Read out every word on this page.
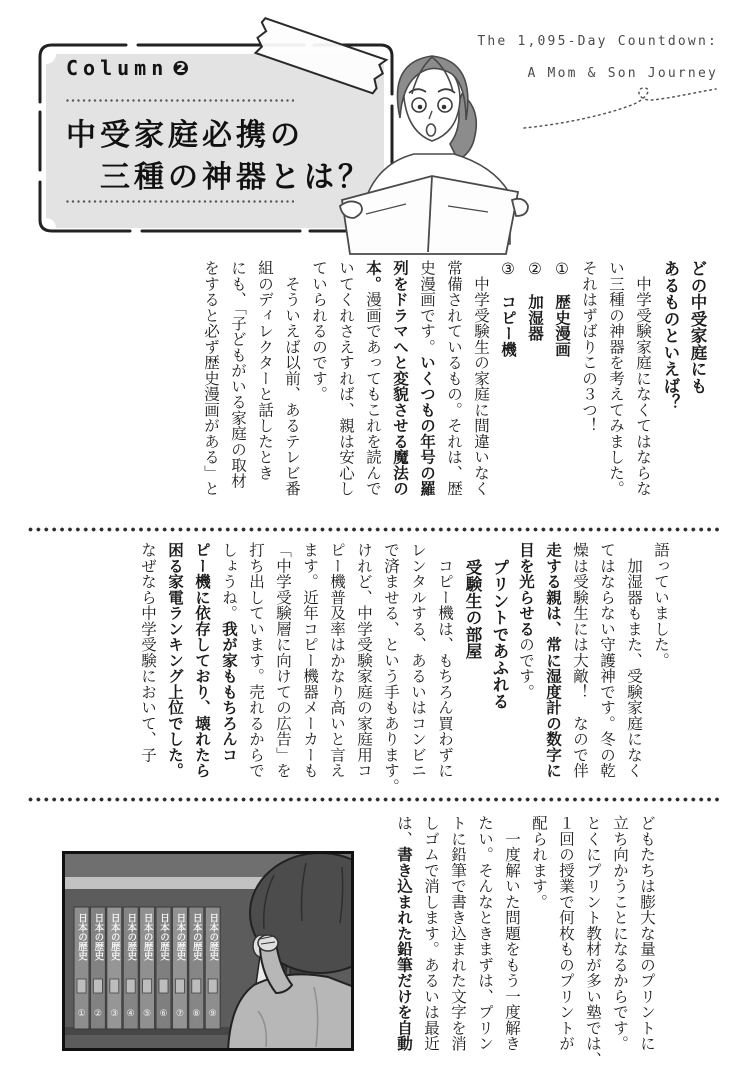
Column ❷
中受家庭必携の
三種の神器とは？
The 1,095-Day Countdown:
A Mom & Son Journey

どの中受家庭にも

あるものといえば？

　中学受験家庭になくてはならな

い三種の神器を考えてみました。

それはずばりこの３つ！

①　歴史漫画

②　加湿器

③　コピー機

　中学受験生の家庭に間違いなく

常備されているもの。それは、歴

史漫画です。いくつもの年号の羅

列をドラマへと変貌させる魔法の

本。漫画であってもこれを読んで

いてくれさえすれば、親は安心し

ていられるのです。

　そういえば以前、あるテレビ番

組のディレクターと話したとき

にも、「子どもがいる家庭の取材

をすると必ず歴史漫画がある」と

語っていました。

　加湿器もまた、受験家庭になく

てはならない守護神です。冬の乾

燥は受験生には大敵！　なので伴

走する親は、常に湿度計の数字に

目を光らせるのです。

　プリントであふれる

　受験生の部屋

　コピー機は、もちろん買わずに

レンタルする、あるいはコンビニ

で済ませる、という手もあります。

けれど、中学受験家庭の家庭用コ

ピー機普及率はかなり高いと言え

ます。近年コピー機器メーカーも

「中学受験層に向けての広告」を

打ち出しています。売れるからで

しょうね。我が家ももちろんコ

ピー機に依存しており、壊れたら

困る家電ランキング上位でした。

なぜなら中学受験において、子

どもたちは膨大な量のプリントに

立ち向かうことになるからです。

とくにプリント教材が多い塾では、

１回の授業で何枚ものプリントが

配られます。

　一度解いた問題をもう一度解き

たい。そんなときまずは、プリン

トに鉛筆で書き込まれた文字を消

しゴムで消します。あるいは最近

は、書き込まれた鉛筆だけを自動

日本の歴史 日本の歴史 日本の歴史 日本の歴史 日本の歴史 日本の歴史 日本の歴史 日本の歴史 日本の歴史
① ② ③ ④ ⑤ ⑥ ⑦ ⑧ ⑨
